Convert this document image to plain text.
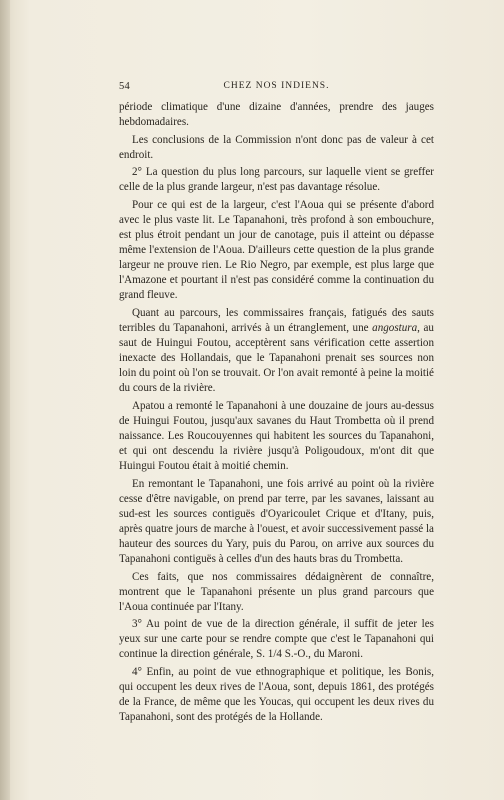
54	CHEZ NOS INDIENS.

période climatique d'une dizaine d'années, prendre des jauges hebdomadaires.

Les conclusions de la Commission n'ont donc pas de valeur à cet endroit.

2° La question du plus long parcours, sur laquelle vient se greffer celle de la plus grande largeur, n'est pas davantage résolue.

Pour ce qui est de la largeur, c'est l'Aoua qui se présente d'abord avec le plus vaste lit. Le Tapanahoni, très profond à son embouchure, est plus étroit pendant un jour de canotage, puis il atteint ou dépasse même l'extension de l'Aoua. D'ailleurs cette question de la plus grande largeur ne prouve rien. Le Rio Negro, par exemple, est plus large que l'Amazone et pourtant il n'est pas considéré comme la continuation du grand fleuve.

Quant au parcours, les commissaires français, fatigués des sauts terribles du Tapanahoni, arrivés à un étranglement, une angostura, au saut de Huingui Foutou, acceptèrent sans vérification cette assertion inexacte des Hollandais, que le Tapanahoni prenait ses sources non loin du point où l'on se trouvait. Or l'on avait remonté à peine la moitié du cours de la rivière.

Apatou a remonté le Tapanahoni à une douzaine de jours au-dessus de Huingui Foutou, jusqu'aux savanes du Haut Trombetta où il prend naissance. Les Roucouyennes qui habitent les sources du Tapanahoni, et qui ont descendu la rivière jusqu'à Poligoudoux, m'ont dit que Huingui Foutou était à moitié chemin.

En remontant le Tapanahoni, une fois arrivé au point où la rivière cesse d'être navigable, on prend par terre, par les savanes, laissant au sud-est les sources contiguës d'Oyaricoulet Crique et d'Itany, puis, après quatre jours de marche à l'ouest, et avoir successivement passé la hauteur des sources du Yary, puis du Parou, on arrive aux sources du Tapanahoni contiguës à celles d'un des hauts bras du Trombetta.

Ces faits, que nos commissaires dédaignèrent de connaître, montrent que le Tapanahoni présente un plus grand parcours que l'Aoua continuée par l'Itany.

3° Au point de vue de la direction générale, il suffit de jeter les yeux sur une carte pour se rendre compte que c'est le Tapanahoni qui continue la direction générale, S. 1/4 S.-O., du Maroni.

4° Enfin, au point de vue ethnographique et politique, les Bonis, qui occupent les deux rives de l'Aoua, sont, depuis 1861, des protégés de la France, de même que les Youcas, qui occupent les deux rives du Tapanahoni, sont des protégés de la Hollande.
